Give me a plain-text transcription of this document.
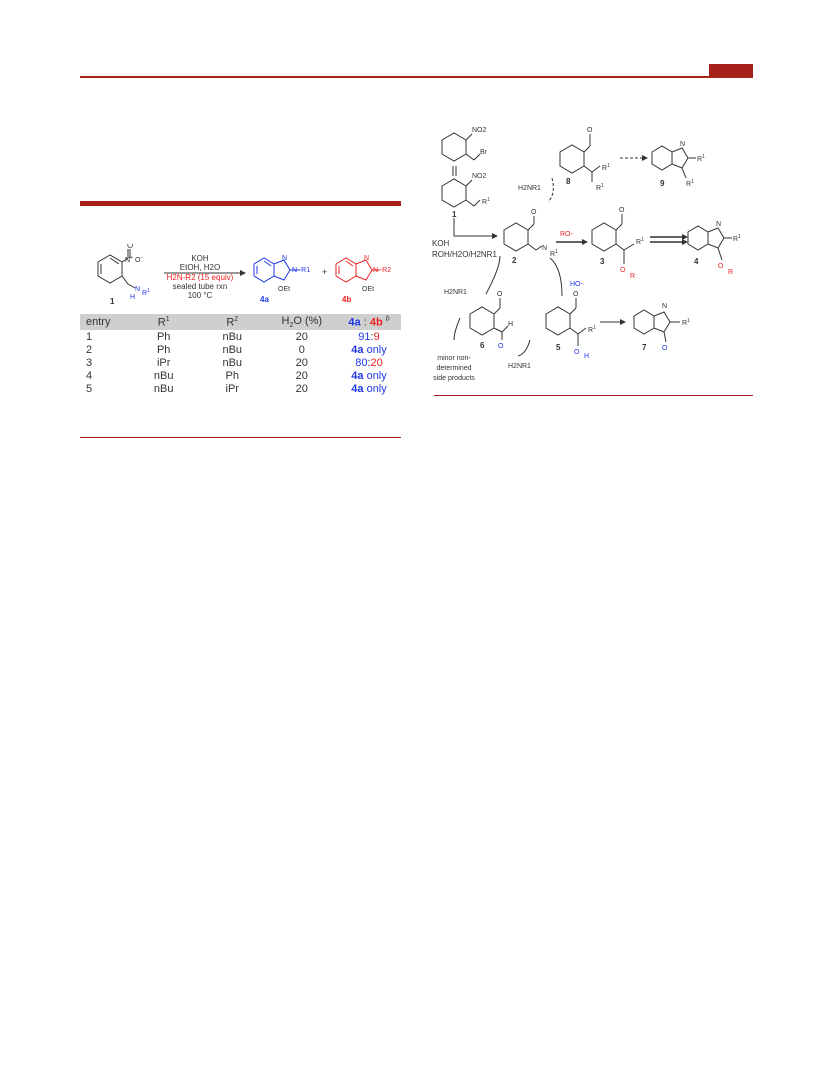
O
N+ O−
N
$R^1$
H
1
KOH
EtOH, H2O
H2N-R2 (15 equiv)
sealed tube rxn
100 °C
N
N−R1
OEt
4a
+
N
N−R2
OEt
4b
entry	$R^1$	$R^2$	$H_2O$ (%)	4a : 4b $^b$
1	Ph	nBu	20	91:9
2	Ph	nBu	0	4a only
3	iPr	nBu	20	80:20
4	nBu	Ph	20	4a only
5	nBu	iPr	20	4a only
NO2
Br
NO2
$R^1$
1
KOH
ROH/H2O/H2NR1
O
N
$R^1$
2
RO-
HO-
O
$R^1$
O
R
3
N
$R^1$
O
R
4
O
$R^1$
$R^1$
8
H2NR1
N
$R^1$
$R^1$
9
H2NR1	O
O
H
6
O
$R^1$
O
H
5
H2NR1
N
$R^1$
O
7
minor non-
determined
side products
